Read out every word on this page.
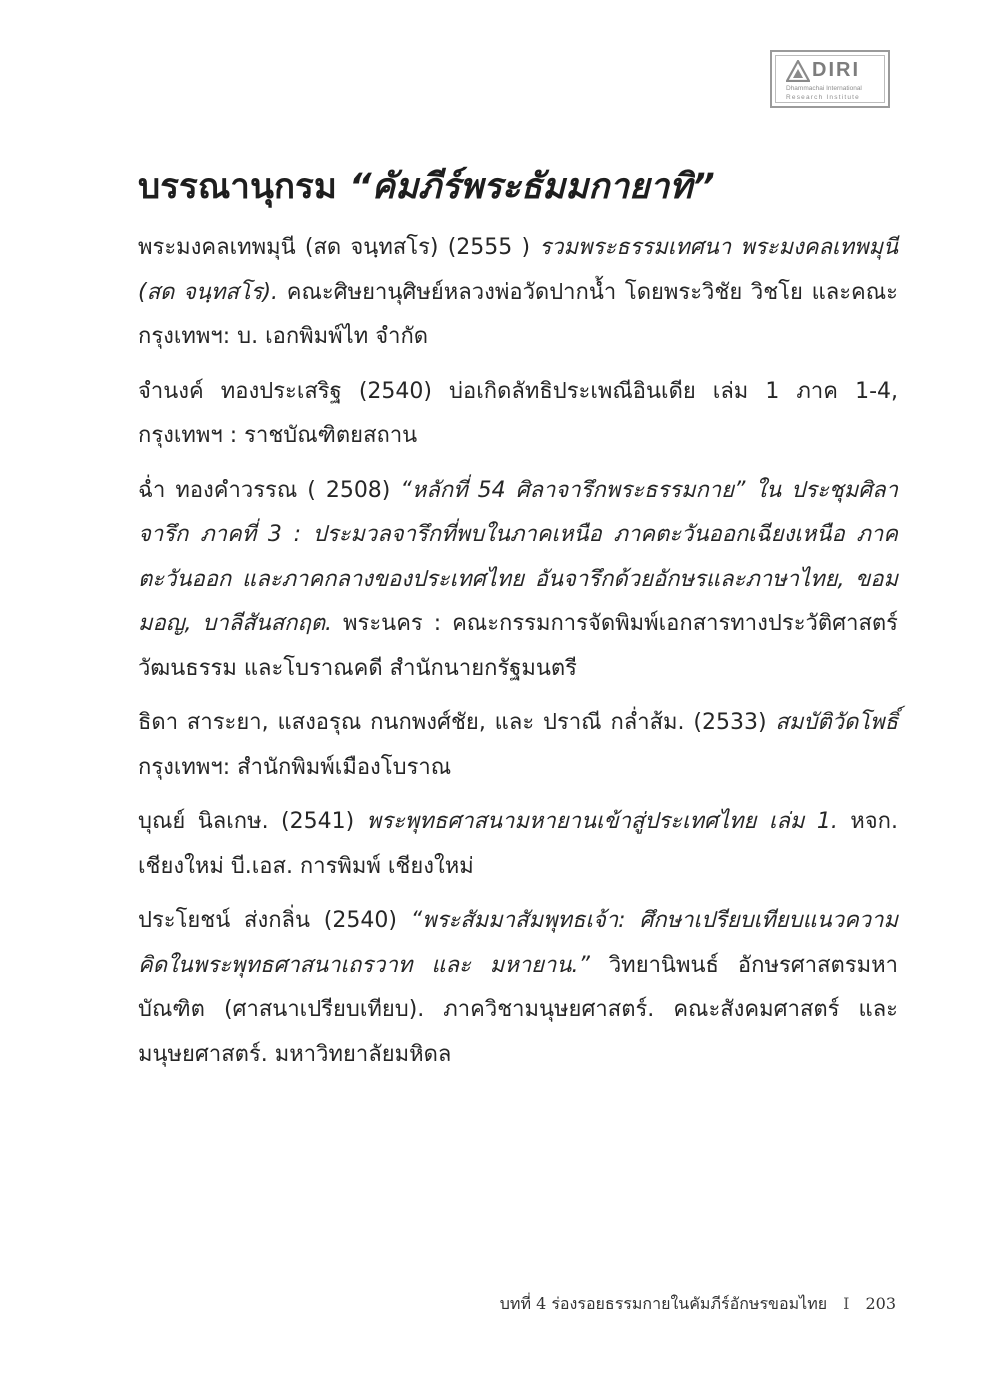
DIRI
Dhammachai International
Research Institute
บรรณานุกรม “คัมภีร์พระธัมมกายาทิ”

พระมงคลเทพมุนี (สด จนฺทสโร) (2555 ) รวมพระธรรมเทศนา พระมงคลเทพมุนี (สด จนฺทสโร). คณะศิษยานุศิษย์หลวงพ่อวัดปากน้ำ โดยพระวิชัย วิชโย และคณะ กรุงเทพฯ: บ. เอกพิมพ์ไท จำกัด

จำนงค์ ทองประเสริฐ (2540) บ่อเกิดลัทธิประเพณีอินเดีย เล่ม 1 ภาค 1-4, กรุงเทพฯ : ราชบัณฑิตยสถาน

ฉ่ำ ทองคำวรรณ ( 2508) “หลักที่ 54 ศิลาจารึกพระธรรมกาย” ใน ประชุมศิลาจารึก ภาคที่ 3 : ประมวลจารึกที่พบในภาคเหนือ ภาคตะวันออกเฉียงเหนือ ภาคตะวันออก และภาคกลางของประเทศไทย อันจารึกด้วยอักษรและภาษาไทย, ขอม มอญ, บาลีสันสกฤต. พระนคร : คณะกรรมการจัดพิมพ์เอกสารทางประวัติศาสตร์ วัฒนธรรม และโบราณคดี สำนักนายกรัฐมนตรี

ธิดา สาระยา, แสงอรุณ กนกพงศ์ชัย, และ ปราณี กล่ำส้ม. (2533) สมบัติวัดโพธิ์ กรุงเทพฯ: สำนักพิมพ์เมืองโบราณ

บุณย์ นิลเกษ. (2541) พระพุทธศาสนามหายานเข้าสู่ประเทศไทย เล่ม 1. หจก. เชียงใหม่ บี.เอส. การพิมพ์ เชียงใหม่

ประโยชน์ ส่งกลิ่น (2540) “พระสัมมาสัมพุทธเจ้า: ศึกษาเปรียบเทียบแนวความคิดในพระพุทธศาสนาเถรวาท และ มหายาน.” วิทยานิพนธ์ อักษรศาสตรมหาบัณฑิต (ศาสนาเปรียบเทียบ). ภาควิชามนุษยศาสตร์. คณะสังคมศาสตร์ และมนุษยศาสตร์. มหาวิทยาลัยมหิดล

บทที่ 4 ร่องรอยธรรมกายในคัมภีร์อักษรขอมไทย I 203
